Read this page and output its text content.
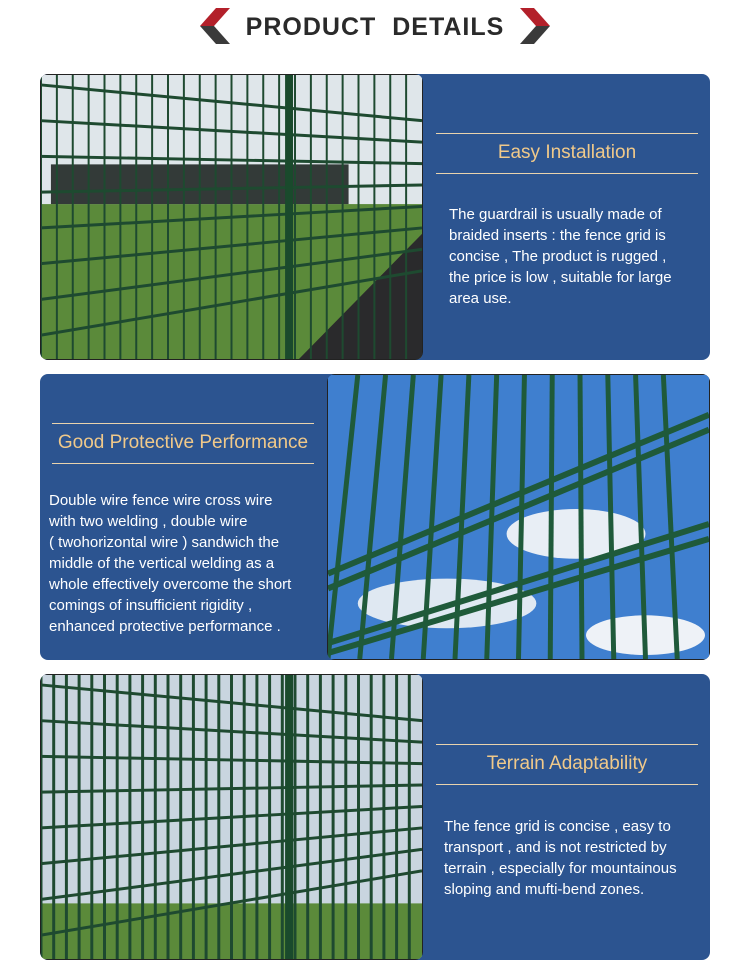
PRODUCT DETAILS
Easy Installation
The guardrail is usually made of
braided inserts : the fence grid is
concise , The product is rugged ,
the price is low , suitable for large
area use.
Good Protective Performance
Double wire fence wire cross wire
with two welding , double wire
( twohorizontal wire ) sandwich the
middle of the vertical welding as a
whole effectively overcome the short
comings of insufficient rigidity ,
enhanced protective performance .
Terrain Adaptability
The fence grid is concise , easy to
transport , and is not restricted by
terrain , especially for mountainous
sloping and mufti-bend zones.
